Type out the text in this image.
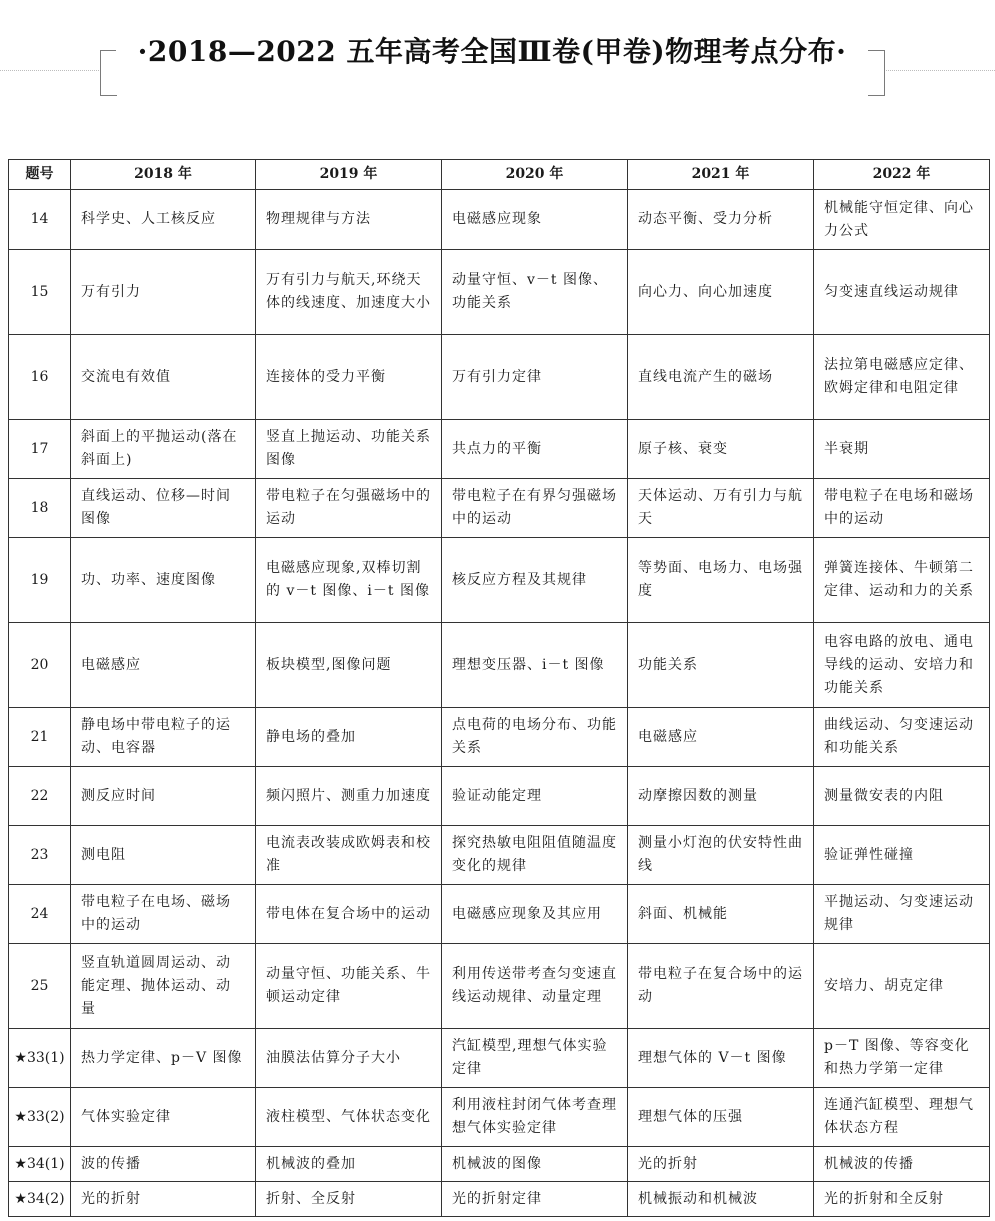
·2018—2022 五年高考全国Ⅲ卷(甲卷)物理考点分布·
题号	2018 年	2019 年	2020 年	2021 年	2022 年
14	科学史、人工核反应	物理规律与方法	电磁感应现象	动态平衡、受力分析	机械能守恒定律、向心力公式
15	万有引力	万有引力与航天,环绕天体的线速度、加速度大小	动量守恒、v－t 图像、功能关系	向心力、向心加速度	匀变速直线运动规律
16	交流电有效值	连接体的受力平衡	万有引力定律	直线电流产生的磁场	法拉第电磁感应定律、欧姆定律和电阻定律
17	斜面上的平抛运动(落在斜面上)	竖直上抛运动、功能关系图像	共点力的平衡	原子核、衰变	半衰期
18	直线运动、位移—时间图像	带电粒子在匀强磁场中的运动	带电粒子在有界匀强磁场中的运动	天体运动、万有引力与航天	带电粒子在电场和磁场中的运动
19	功、功率、速度图像	电磁感应现象,双棒切割的 v－t 图像、i－t 图像	核反应方程及其规律	等势面、电场力、电场强度	弹簧连接体、牛顿第二定律、运动和力的关系
20	电磁感应	板块模型,图像问题	理想变压器、i－t 图像	功能关系	电容电路的放电、通电导线的运动、安培力和功能关系
21	静电场中带电粒子的运动、电容器	静电场的叠加	点电荷的电场分布、功能关系	电磁感应	曲线运动、匀变速运动和功能关系
22	测反应时间	频闪照片、测重力加速度	验证动能定理	动摩擦因数的测量	测量微安表的内阻
23	测电阻	电流表改装成欧姆表和校准	探究热敏电阻阻值随温度变化的规律	测量小灯泡的伏安特性曲线	验证弹性碰撞
24	带电粒子在电场、磁场中的运动	带电体在复合场中的运动	电磁感应现象及其应用	斜面、机械能	平抛运动、匀变速运动规律
25	竖直轨道圆周运动、动能定理、抛体运动、动量	动量守恒、功能关系、牛顿运动定律	利用传送带考查匀变速直线运动规律、动量定理	带电粒子在复合场中的运动	安培力、胡克定律
★33(1)	热力学定律、p－V 图像	油膜法估算分子大小	汽缸模型,理想气体实验定律	理想气体的 V－t 图像	p－T 图像、等容变化和热力学第一定律
★33(2)	气体实验定律	液柱模型、气体状态变化	利用液柱封闭气体考查理想气体实验定律	理想气体的压强	连通汽缸模型、理想气体状态方程
★34(1)	波的传播	机械波的叠加	机械波的图像	光的折射	机械波的传播
★34(2)	光的折射	折射、全反射	光的折射定律	机械振动和机械波	光的折射和全反射
